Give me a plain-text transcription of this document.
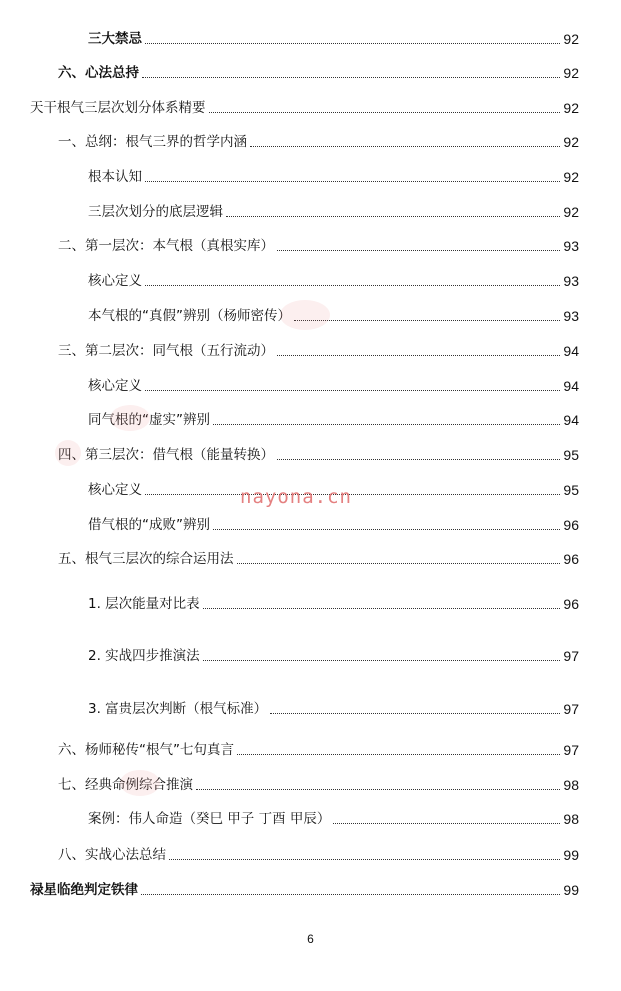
三大禁忌	92
六、心法总持	92
天干根气三层次划分体系精要	92
一、总纲：根气三界的哲学内涵	92
根本认知	92
三层次划分的底层逻辑	92
二、第一层次：本气根（真根实库）	93
核心定义	93
本气根的“真假”辨别（杨师密传）	93
三、第二层次：同气根（五行流动）	94
核心定义	94
同气根的“虚实”辨别	94
四、第三层次：借气根（能量转换）	95
核心定义	95
借气根的“成败”辨别	96
五、根气三层次的综合运用法	96
1. 层次能量对比表	96
2. 实战四步推演法	97
3. 富贵层次判断（根气标准）	97
六、杨师秘传“根气”七句真言	97
七、经典命例综合推演	98
案例：伟人命造（癸巳 甲子 丁酉 甲辰）	98
八、实战心法总结	99
禄星临绝判定铁律	99
6
nayona.cn
